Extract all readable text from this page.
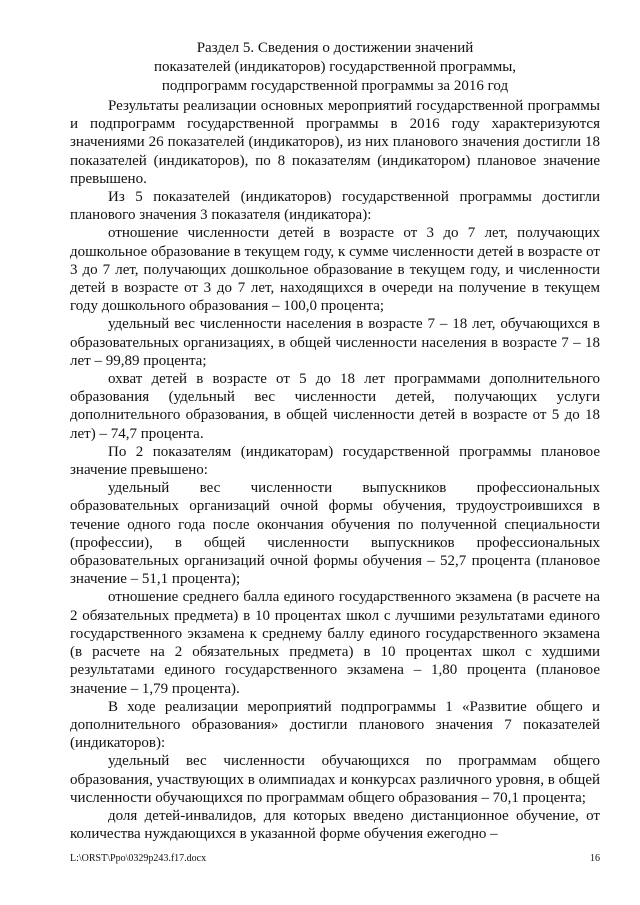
Раздел 5. Сведения о достижении значений
показателей (индикаторов) государственной программы,
подпрограмм государственной программы за 2016 год

Результаты реализации основных мероприятий государственной программы и подпрограмм государственной программы в 2016 году характеризуются значениями 26 показателей (индикаторов), из них планового значения достигли 18 показателей (индикаторов), по 8 показателям (индикатором) плановое значение превышено.

Из 5 показателей (индикаторов) государственной программы достигли планового значения 3 показателя (индикатора):

отношение численности детей в возрасте от 3 до 7 лет, получающих дошкольное образование в текущем году, к сумме численности детей в возрасте от 3 до 7 лет, получающих дошкольное образование в текущем году, и численности детей в возрасте от 3 до 7 лет, находящихся в очереди на получение в текущем году дошкольного образования – 100,0 процента;

удельный вес численности населения в возрасте 7 – 18 лет, обучающихся в образовательных организациях, в общей численности населения в возрасте 7 – 18 лет – 99,89 процента;

охват детей в возрасте от 5 до 18 лет программами дополнительного образования (удельный вес численности детей, получающих услуги дополнительного образования, в общей численности детей в возрасте от 5 до 18 лет) – 74,7 процента.

По 2 показателям (индикаторам) государственной программы плановое значение превышено:

удельный вес численности выпускников профессиональных образовательных организаций очной формы обучения, трудоустроившихся в течение одного года после окончания обучения по полученной специальности (профессии), в общей численности выпускников профессиональных образовательных организаций очной формы обучения – 52,7 процента (плановое значение – 51,1 процента);

отношение среднего балла единого государственного экзамена (в расчете на 2 обязательных предмета) в 10 процентах школ с лучшими результатами единого государственного экзамена к среднему баллу единого государственного экзамена (в расчете на 2 обязательных предмета) в 10 процентах школ с худшими результатами единого государственного экзамена – 1,80 процента (плановое значение – 1,79 процента).

В ходе реализации мероприятий подпрограммы 1 «Развитие общего и дополнительного образования» достигли планового значения 7 показателей (индикаторов):

удельный вес численности обучающихся по программам общего образования, участвующих в олимпиадах и конкурсах различного уровня, в общей численности обучающихся по программам общего образования – 70,1 процента;

доля детей-инвалидов, для которых введено дистанционное обучение, от количества нуждающихся в указанной форме обучения ежегодно –

L:\ORST\Ppo\0329p243.f17.docx	16
